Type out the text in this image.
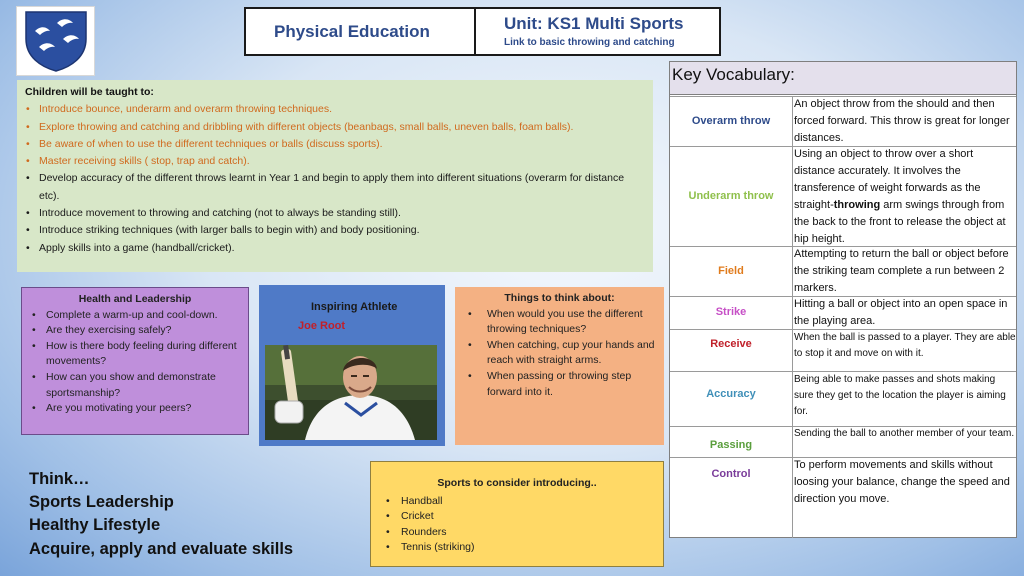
Physical Education	Unit: KS1 Multi Sports
Link to basic throwing and catching
Children will be taught to:
• Introduce bounce, underarm and overarm throwing techniques.
• Explore throwing and catching and dribbling with different objects (beanbags, small balls, uneven balls, foam balls).
• Be aware of when to use the different techniques or balls (discuss sports).
• Master receiving skills ( stop, trap and catch).
• Develop accuracy of the different throws learnt in Year 1 and begin to apply them into different situations (overarm for distance etc).
• Introduce movement to throwing and catching (not to always be standing still).
• Introduce striking techniques (with larger balls to begin with) and body positioning.
• Apply skills into a game (handball/cricket).
Health and Leadership
• Complete a warm-up and cool-down.
• Are they exercising safely?
• How is there body feeling during different movements?
• How can you show and demonstrate sportsmanship?
• Are you motivating your peers?
Inspiring Athlete
Joe Root
Things to think about:
• When would you use the different throwing techniques?
• When catching, cup your hands and reach with straight arms.
• When passing or throwing step forward into it.
Sports to consider introducing..
• Handball
• Cricket
• Rounders
• Tennis (striking)
Think…
Sports Leadership
Healthy Lifestyle
Acquire, apply and evaluate skills
Key Vocabulary:
Overarm throw
An object throw from the should and then forced forward. This throw is great for longer distances.
Underarm throw
Using an object to throw over a short distance accurately. It involves the transference of weight forwards as the straight-throwing arm swings through from the back to the front to release the object at hip height.
Field
Attempting to return the ball or object before the striking team complete a run between 2 markers.
Strike
Hitting a ball or object into an open space in the playing area.
Receive
When the ball is passed to a player. They are able to stop it and move on with it.
Accuracy
Being able to make passes and shots making sure they get to the location the player is aiming for.
Passing
Sending the ball to another member of your team.
Control
To perform movements and skills without loosing your balance, change the speed and direction you move.
